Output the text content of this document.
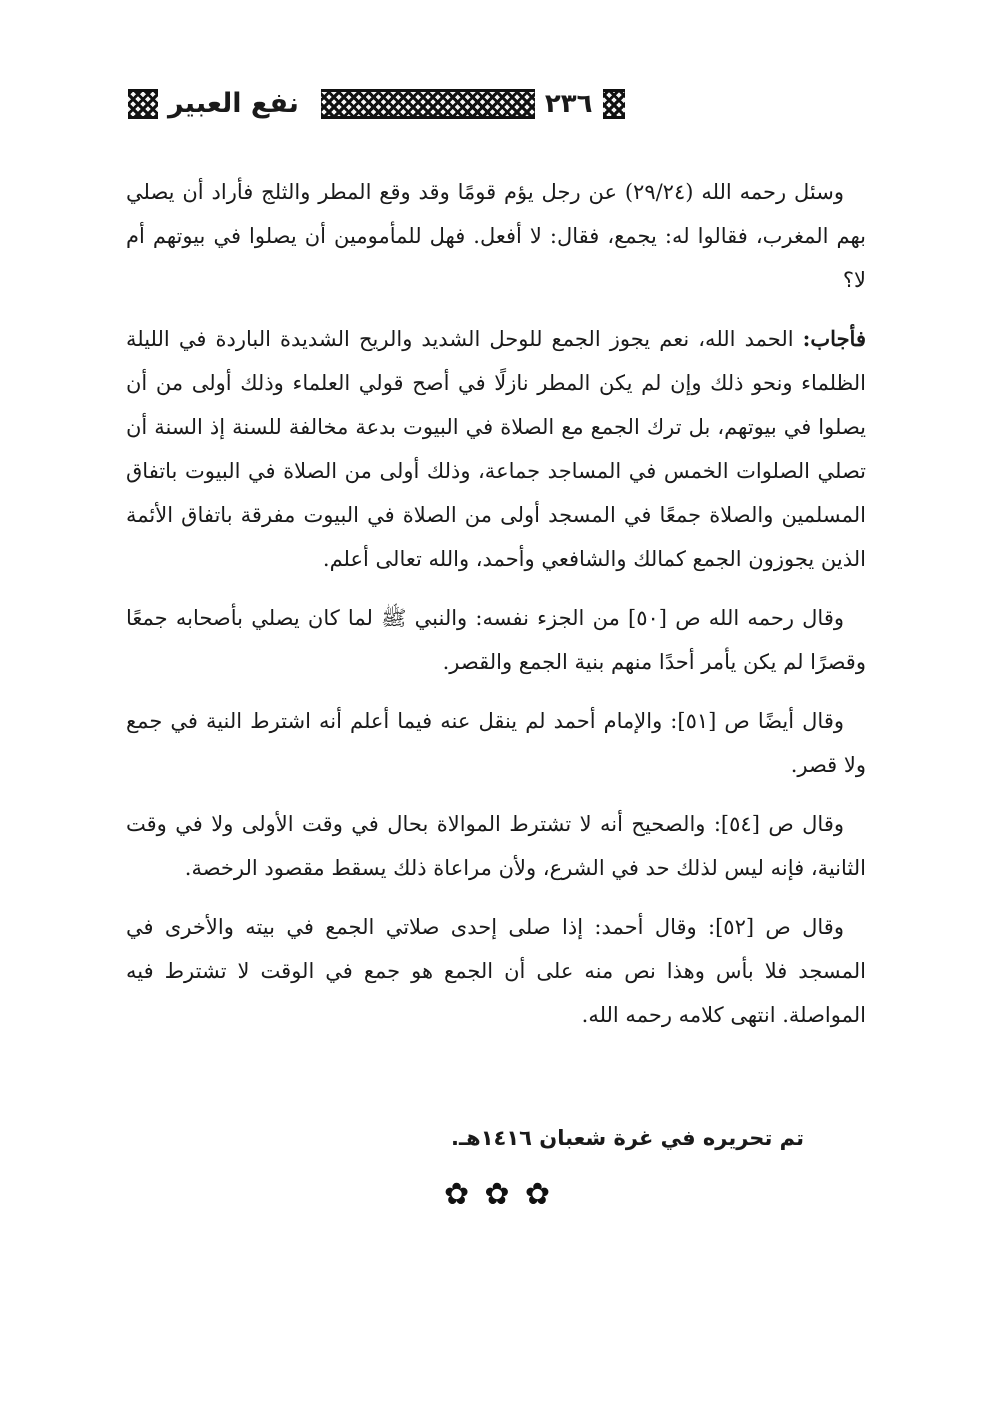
نفع العبير	٢٣٦

وسئل رحمه الله (٢٩/٢٤) عن رجل يؤم قومًا وقد وقع المطر والثلج فأراد أن يصلي بهم المغرب، فقالوا له: يجمع، فقال: لا أفعل. فهل للمأمومين أن يصلوا في بيوتهم أم لا؟

فأجاب: الحمد الله، نعم يجوز الجمع للوحل الشديد والريح الشديدة الباردة في الليلة الظلماء ونحو ذلك وإن لم يكن المطر نازلًا في أصح قولي العلماء وذلك أولى من أن يصلوا في بيوتهم، بل ترك الجمع مع الصلاة في البيوت بدعة مخالفة للسنة إذ السنة أن تصلي الصلوات الخمس في المساجد جماعة، وذلك أولى من الصلاة في البيوت باتفاق المسلمين والصلاة جمعًا في المسجد أولى من الصلاة في البيوت مفرقة باتفاق الأئمة الذين يجوزون الجمع كمالك والشافعي وأحمد، والله تعالى أعلم.

وقال رحمه الله ص [٥٠] من الجزء نفسه: والنبي ﷺ لما كان يصلي بأصحابه جمعًا وقصرًا لم يكن يأمر أحدًا منهم بنية الجمع والقصر.

وقال أيضًا ص [٥١]: والإمام أحمد لم ينقل عنه فيما أعلم أنه اشترط النية في جمع ولا قصر.

وقال ص [٥٤]: والصحيح أنه لا تشترط الموالاة بحال في وقت الأولى ولا في وقت الثانية، فإنه ليس لذلك حد في الشرع، ولأن مراعاة ذلك يسقط مقصود الرخصة.

وقال ص [٥٢]: وقال أحمد: إذا صلى إحدى صلاتي الجمع في بيته والأخرى في المسجد فلا بأس وهذا نص منه على أن الجمع هو جمع في الوقت لا تشترط فيه المواصلة. انتهى كلامه رحمه الله.

تم تحريره في غرة شعبان ١٤١٦هـ.
✿ ✿ ✿
